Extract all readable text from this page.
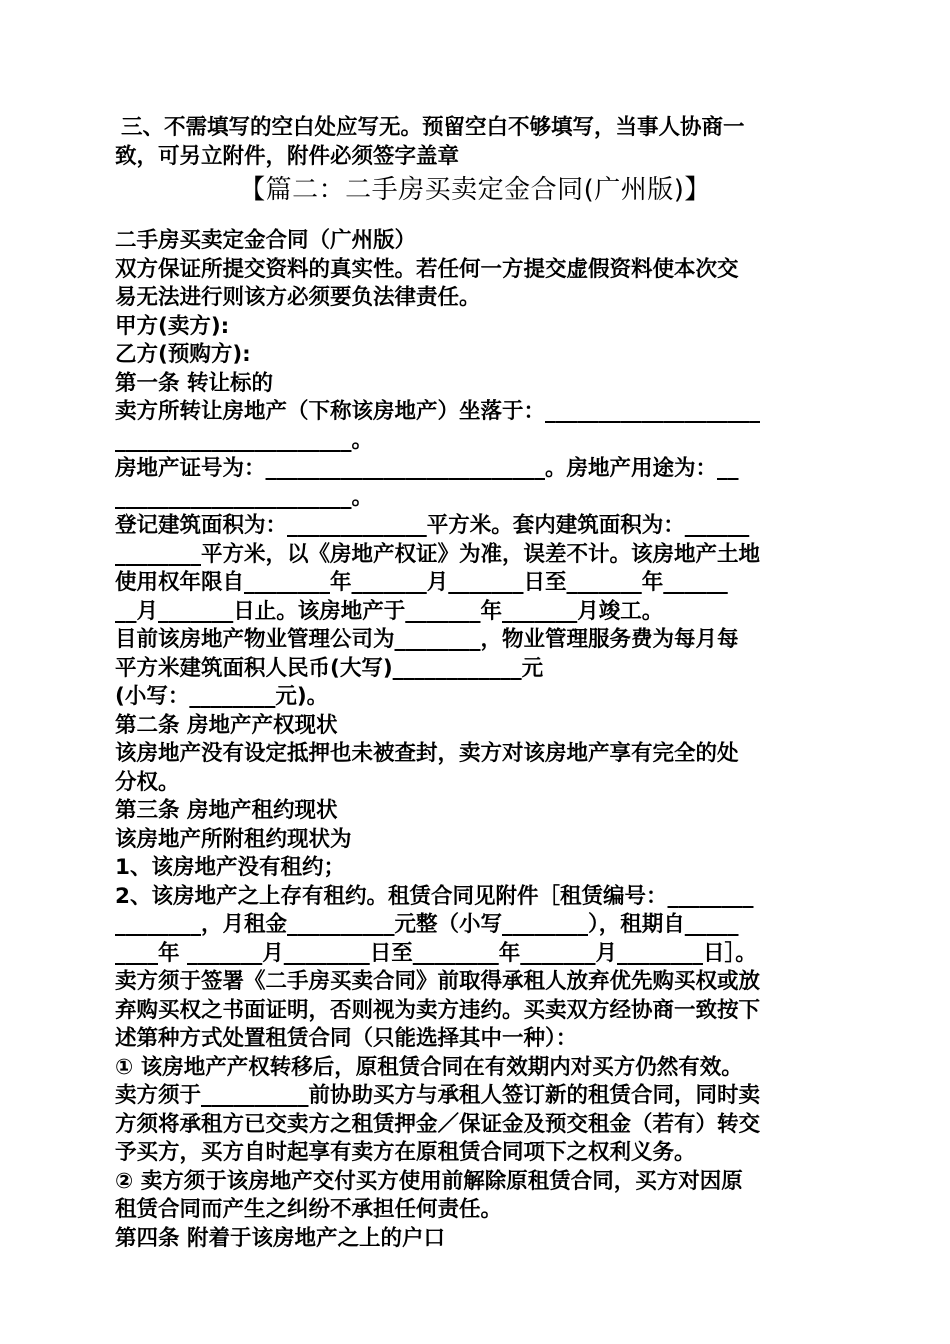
三、不需填写的空白处应写无。预留空白不够填写，当事人协商一
致，可另立附件，附件必须签字盖章
【篇二：二手房买卖定金合同(广州版)】
二手房买卖定金合同（广州版）
双方保证所提交资料的真实性。若任何一方提交虚假资料使本次交
易无法进行则该方必须要负法律责任。
甲方(卖方):
乙方(预购方):
第一条 转让标的
卖方所转让房地产（下称该房地产）坐落于：____________________
______________________。
房地产证号为：__________________________。房地产用途为：__
______________________。
登记建筑面积为：_____________平方米。套内建筑面积为：______
________平方米，以《房地产权证》为准，误差不计。该房地产土地
使用权年限自________年_______月_______日至_______年______
__月_______日止。该房地产于_______年_______月竣工。
目前该房地产物业管理公司为________，物业管理服务费为每月每
平方米建筑面积人民币(大写)____________元
(小写：________元)。
第二条 房地产产权现状
该房地产没有设定抵押也未被查封，卖方对该房地产享有完全的处
分权。
第三条 房地产租约现状
该房地产所附租约现状为
1、该房地产没有租约；
2、该房地产之上存有租约。租赁合同见附件［租赁编号：________
________，月租金__________元整（小写________），租期自_____
____年 _______月________日至________年_______月________日］。
卖方须于签署《二手房买卖合同》前取得承租人放弃优先购买权或放
弃购买权之书面证明，否则视为卖方违约。买卖双方经协商一致按下
述第种方式处置租赁合同（只能选择其中一种）：
① 该房地产产权转移后，原租赁合同在有效期内对买方仍然有效。
卖方须于__________前协助买方与承租人签订新的租赁合同，同时卖
方须将承租方已交卖方之租赁押金／保证金及预交租金（若有）转交
予买方，买方自时起享有卖方在原租赁合同项下之权利义务。
② 卖方须于该房地产交付买方使用前解除原租赁合同，买方对因原
租赁合同而产生之纠纷不承担任何责任。
第四条 附着于该房地产之上的户口
